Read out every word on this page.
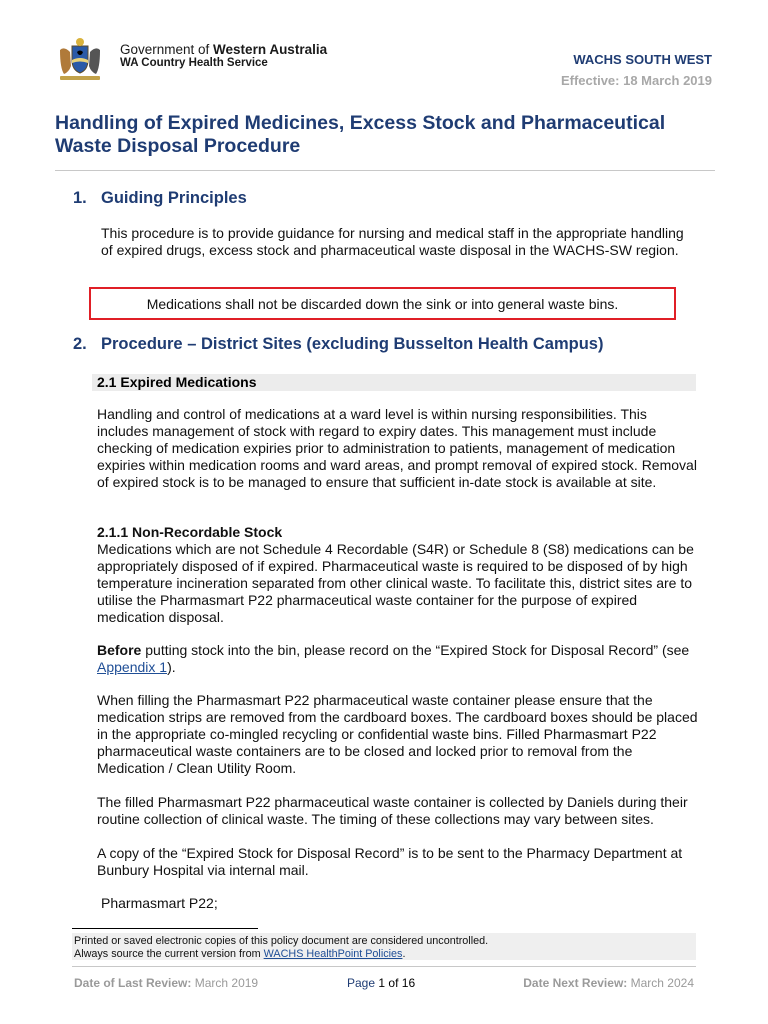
Government of Western Australia
WA Country Health Service	WACHS SOUTH WEST
Effective: 18 March 2019
Handling of Expired Medicines, Excess Stock and Pharmaceutical Waste Disposal Procedure
1. Guiding Principles
This procedure is to provide guidance for nursing and medical staff in the appropriate handling of expired drugs, excess stock and pharmaceutical waste disposal in the WACHS-SW region.
Medications shall not be discarded down the sink or into general waste bins.
2. Procedure – District Sites (excluding Busselton Health Campus)
2.1 Expired Medications
Handling and control of medications at a ward level is within nursing responsibilities. This includes management of stock with regard to expiry dates. This management must include checking of medication expiries prior to administration to patients, management of medication expiries within medication rooms and ward areas, and prompt removal of expired stock. Removal of expired stock is to be managed to ensure that sufficient in-date stock is available at site.
2.1.1 Non-Recordable Stock
Medications which are not Schedule 4 Recordable (S4R) or Schedule 8 (S8) medications can be appropriately disposed of if expired. Pharmaceutical waste is required to be disposed of by high temperature incineration separated from other clinical waste. To facilitate this, district sites are to utilise the Pharmasmart P22 pharmaceutical waste container for the purpose of expired medication disposal.
Before putting stock into the bin, please record on the “Expired Stock for Disposal Record” (see Appendix 1).
When filling the Pharmasmart P22 pharmaceutical waste container please ensure that the medication strips are removed from the cardboard boxes. The cardboard boxes should be placed in the appropriate co-mingled recycling or confidential waste bins. Filled Pharmasmart P22 pharmaceutical waste containers are to be closed and locked prior to removal from the Medication / Clean Utility Room.
The filled Pharmasmart P22 pharmaceutical waste container is collected by Daniels during their routine collection of clinical waste. The timing of these collections may vary between sites.
A copy of the “Expired Stock for Disposal Record” is to be sent to the Pharmacy Department at Bunbury Hospital via internal mail.
Pharmasmart P22;
Printed or saved electronic copies of this policy document are considered uncontrolled.
Always source the current version from WACHS HealthPoint Policies.
Date of Last Review: March 2019	Page 1 of 16	Date Next Review: March 2024
